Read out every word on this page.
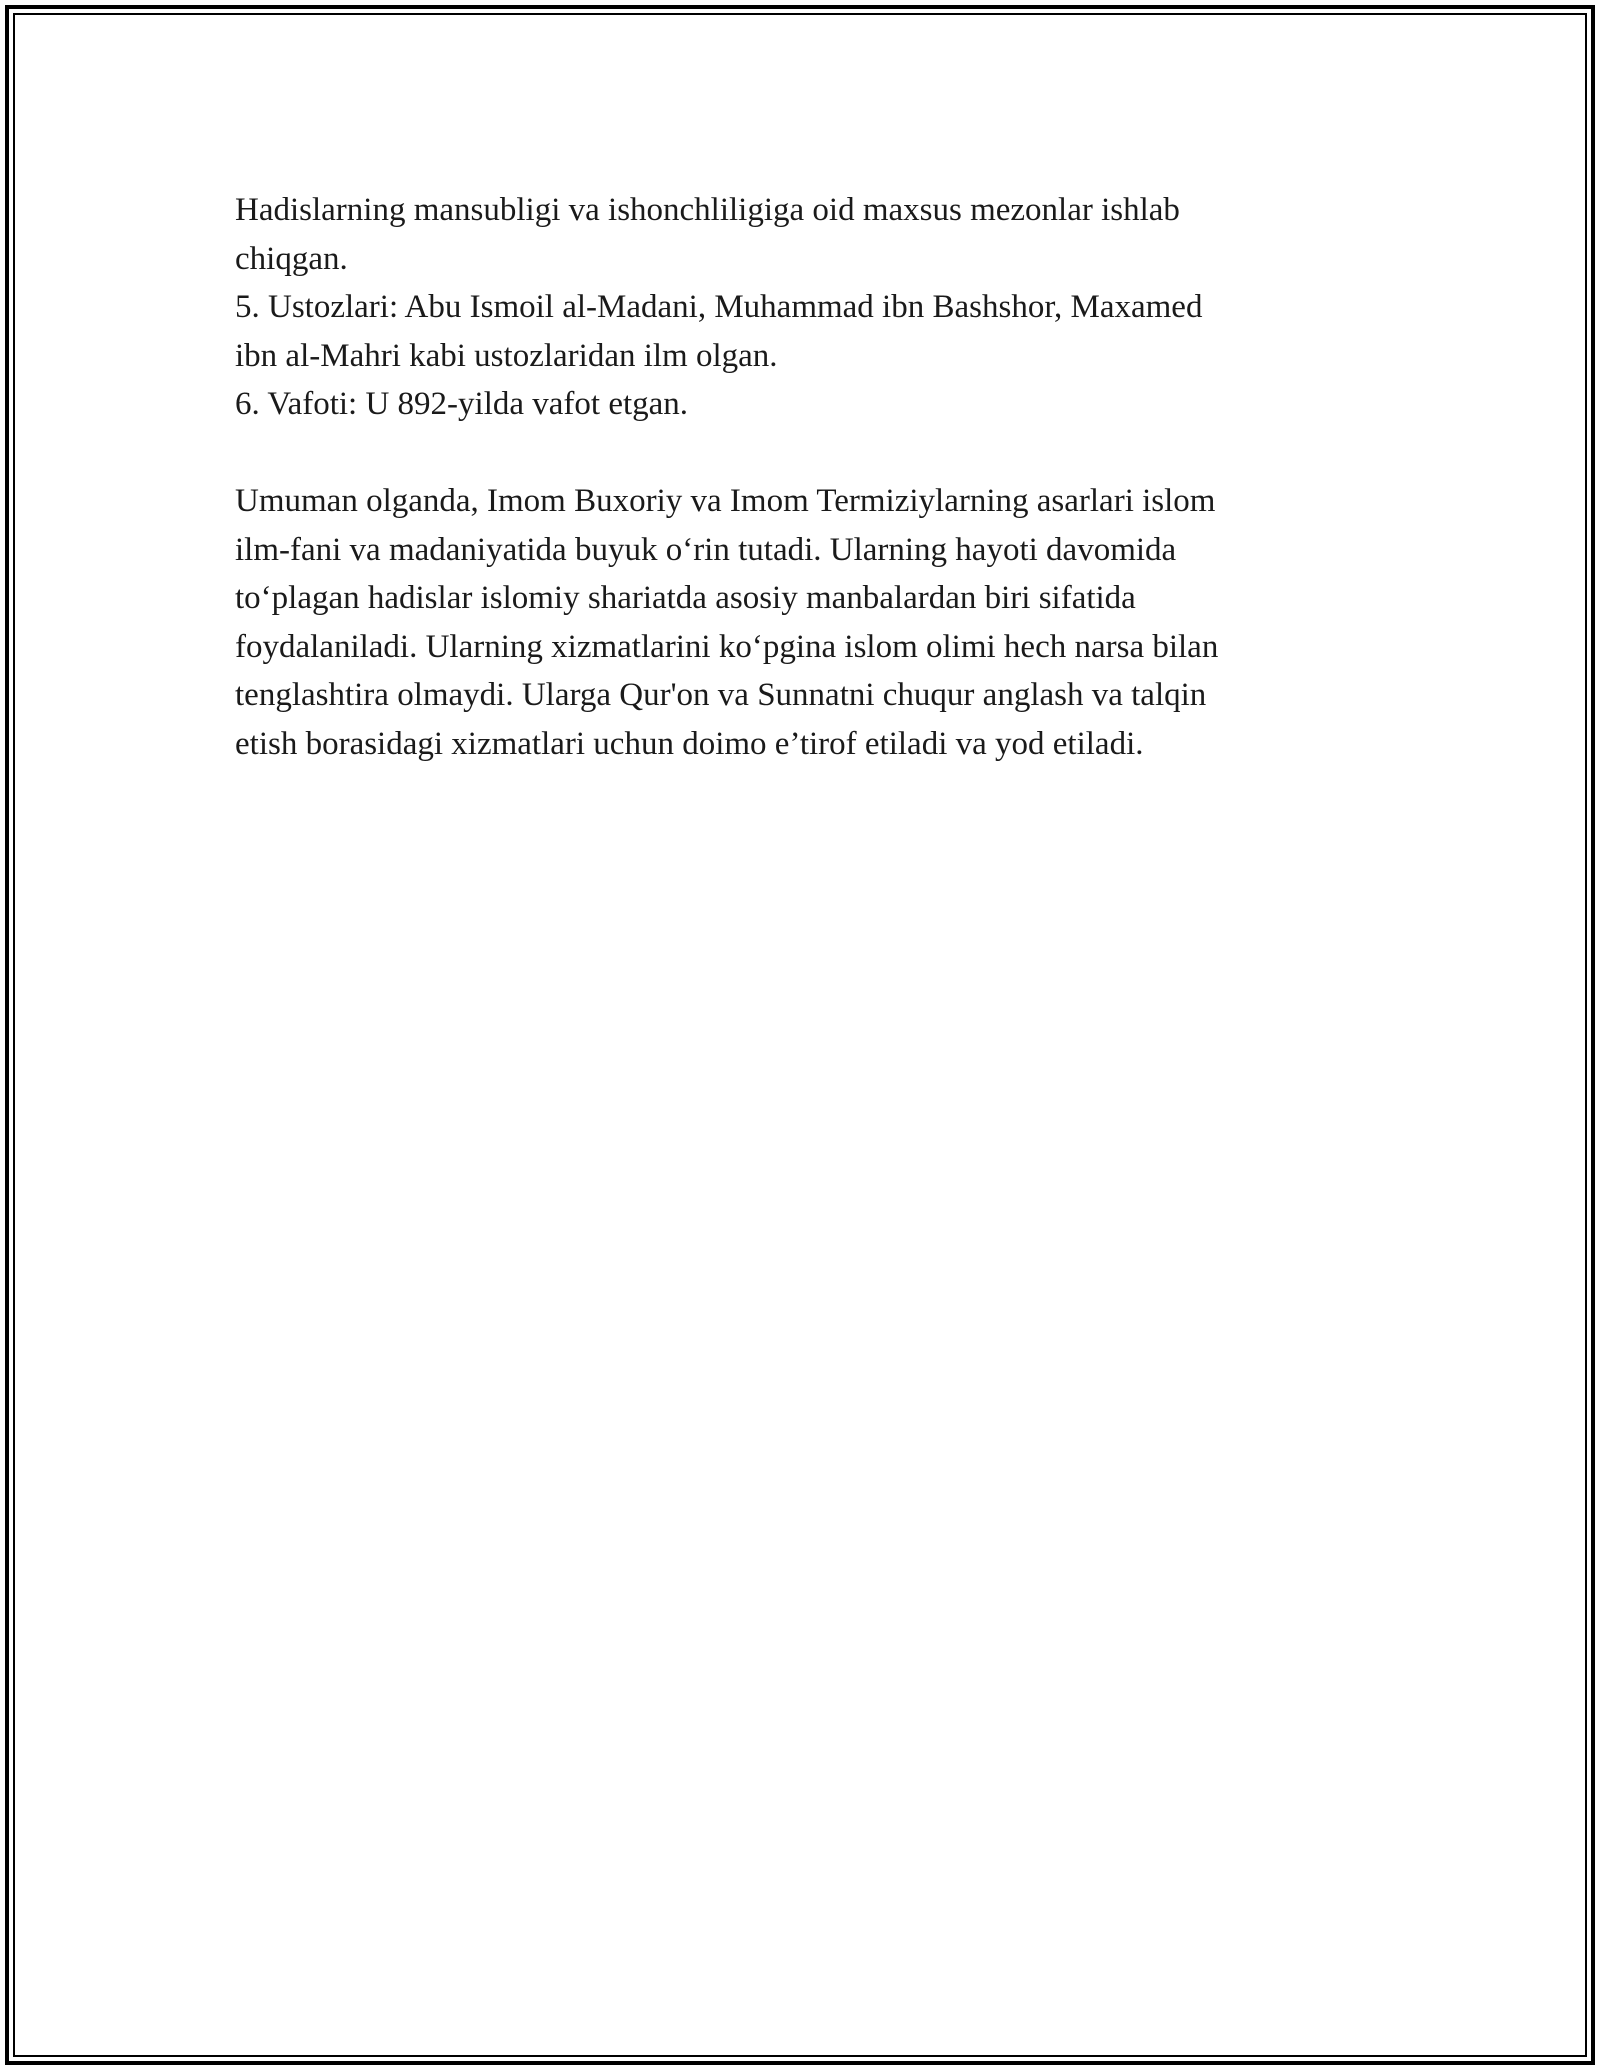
Hadislarning mansubligi va ishonchliligiga oid maxsus mezonlar ishlab
chiqgan.
5. Ustozlari: Abu Ismoil al-Madani, Muhammad ibn Bashshor, Maxamed
ibn al-Mahri kabi ustozlaridan ilm olgan.
6. Vafoti: U 892-yilda vafot etgan.
Umuman olganda, Imom Buxoriy va Imom Termiziylarning asarlari islom
ilm-fani va madaniyatida buyuk o‘rin tutadi. Ularning hayoti davomida
to‘plagan hadislar islomiy shariatda asosiy manbalardan biri sifatida
foydalaniladi. Ularning xizmatlarini ko‘pgina islom olimi hech narsa bilan
tenglashtira olmaydi. Ularga Qur'on va Sunnatni chuqur anglash va talqin
etish borasidagi xizmatlari uchun doimo e’tirof etiladi va yod etiladi.
